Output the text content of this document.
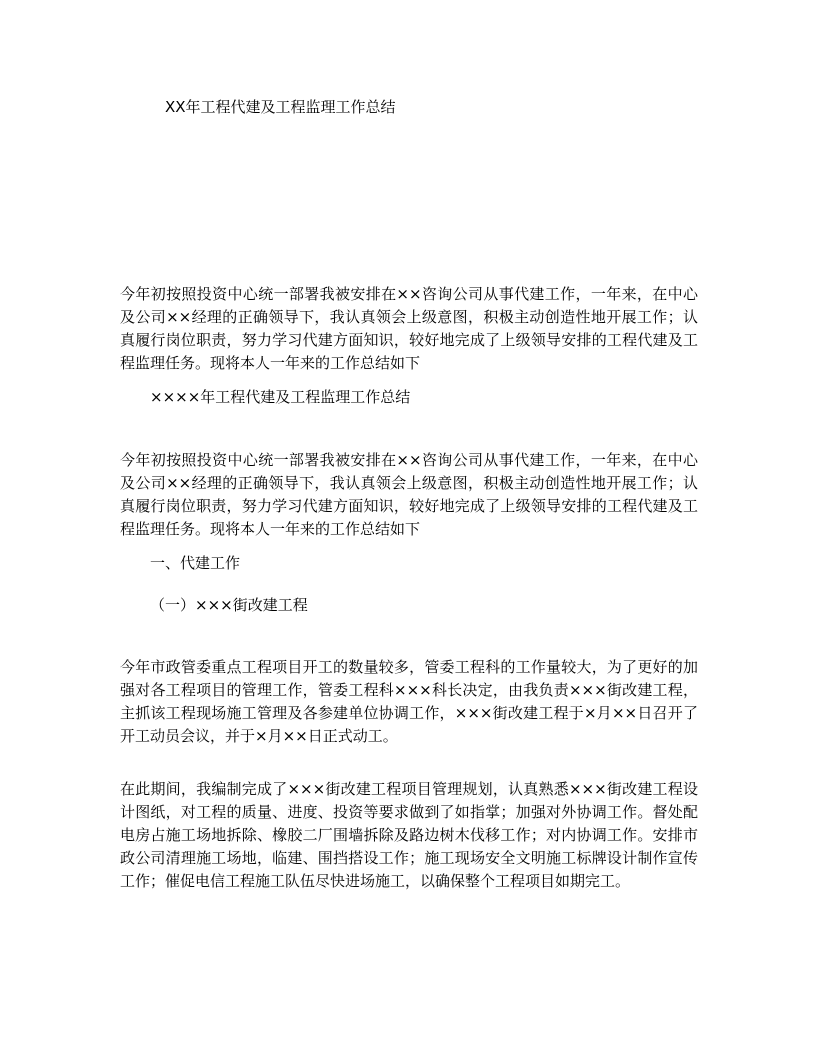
XX年工程代建及工程监理工作总结
今年初按照投资中心统一部署我被安排在××咨询公司从事代建工作，一年来，在中心及公司××经理的正确领导下，我认真领会上级意图，积极主动创造性地开展工作；认真履行岗位职责，努力学习代建方面知识，较好地完成了上级领导安排的工程代建及工程监理任务。现将本人一年来的工作总结如下
××××年工程代建及工程监理工作总结
今年初按照投资中心统一部署我被安排在××咨询公司从事代建工作，一年来，在中心及公司××经理的正确领导下，我认真领会上级意图，积极主动创造性地开展工作；认真履行岗位职责，努力学习代建方面知识，较好地完成了上级领导安排的工程代建及工程监理任务。现将本人一年来的工作总结如下
一、代建工作
（一）×××街改建工程
今年市政管委重点工程项目开工的数量较多，管委工程科的工作量较大，为了更好的加强对各工程项目的管理工作，管委工程科×××科长决定，由我负责×××街改建工程，主抓该工程现场施工管理及各参建单位协调工作，×××街改建工程于×月××日召开了开工动员会议，并于×月××日正式动工。
在此期间，我编制完成了×××街改建工程项目管理规划，认真熟悉×××街改建工程设计图纸，对工程的质量、进度、投资等要求做到了如指掌；加强对外协调工作。督处配电房占施工场地拆除、橡胶二厂围墙拆除及路边树木伐移工作；对内协调工作。安排市政公司清理施工场地，临建、围挡搭设工作；施工现场安全文明施工标牌设计制作宣传工作；催促电信工程施工队伍尽快进场施工，以确保整个工程项目如期完工。
